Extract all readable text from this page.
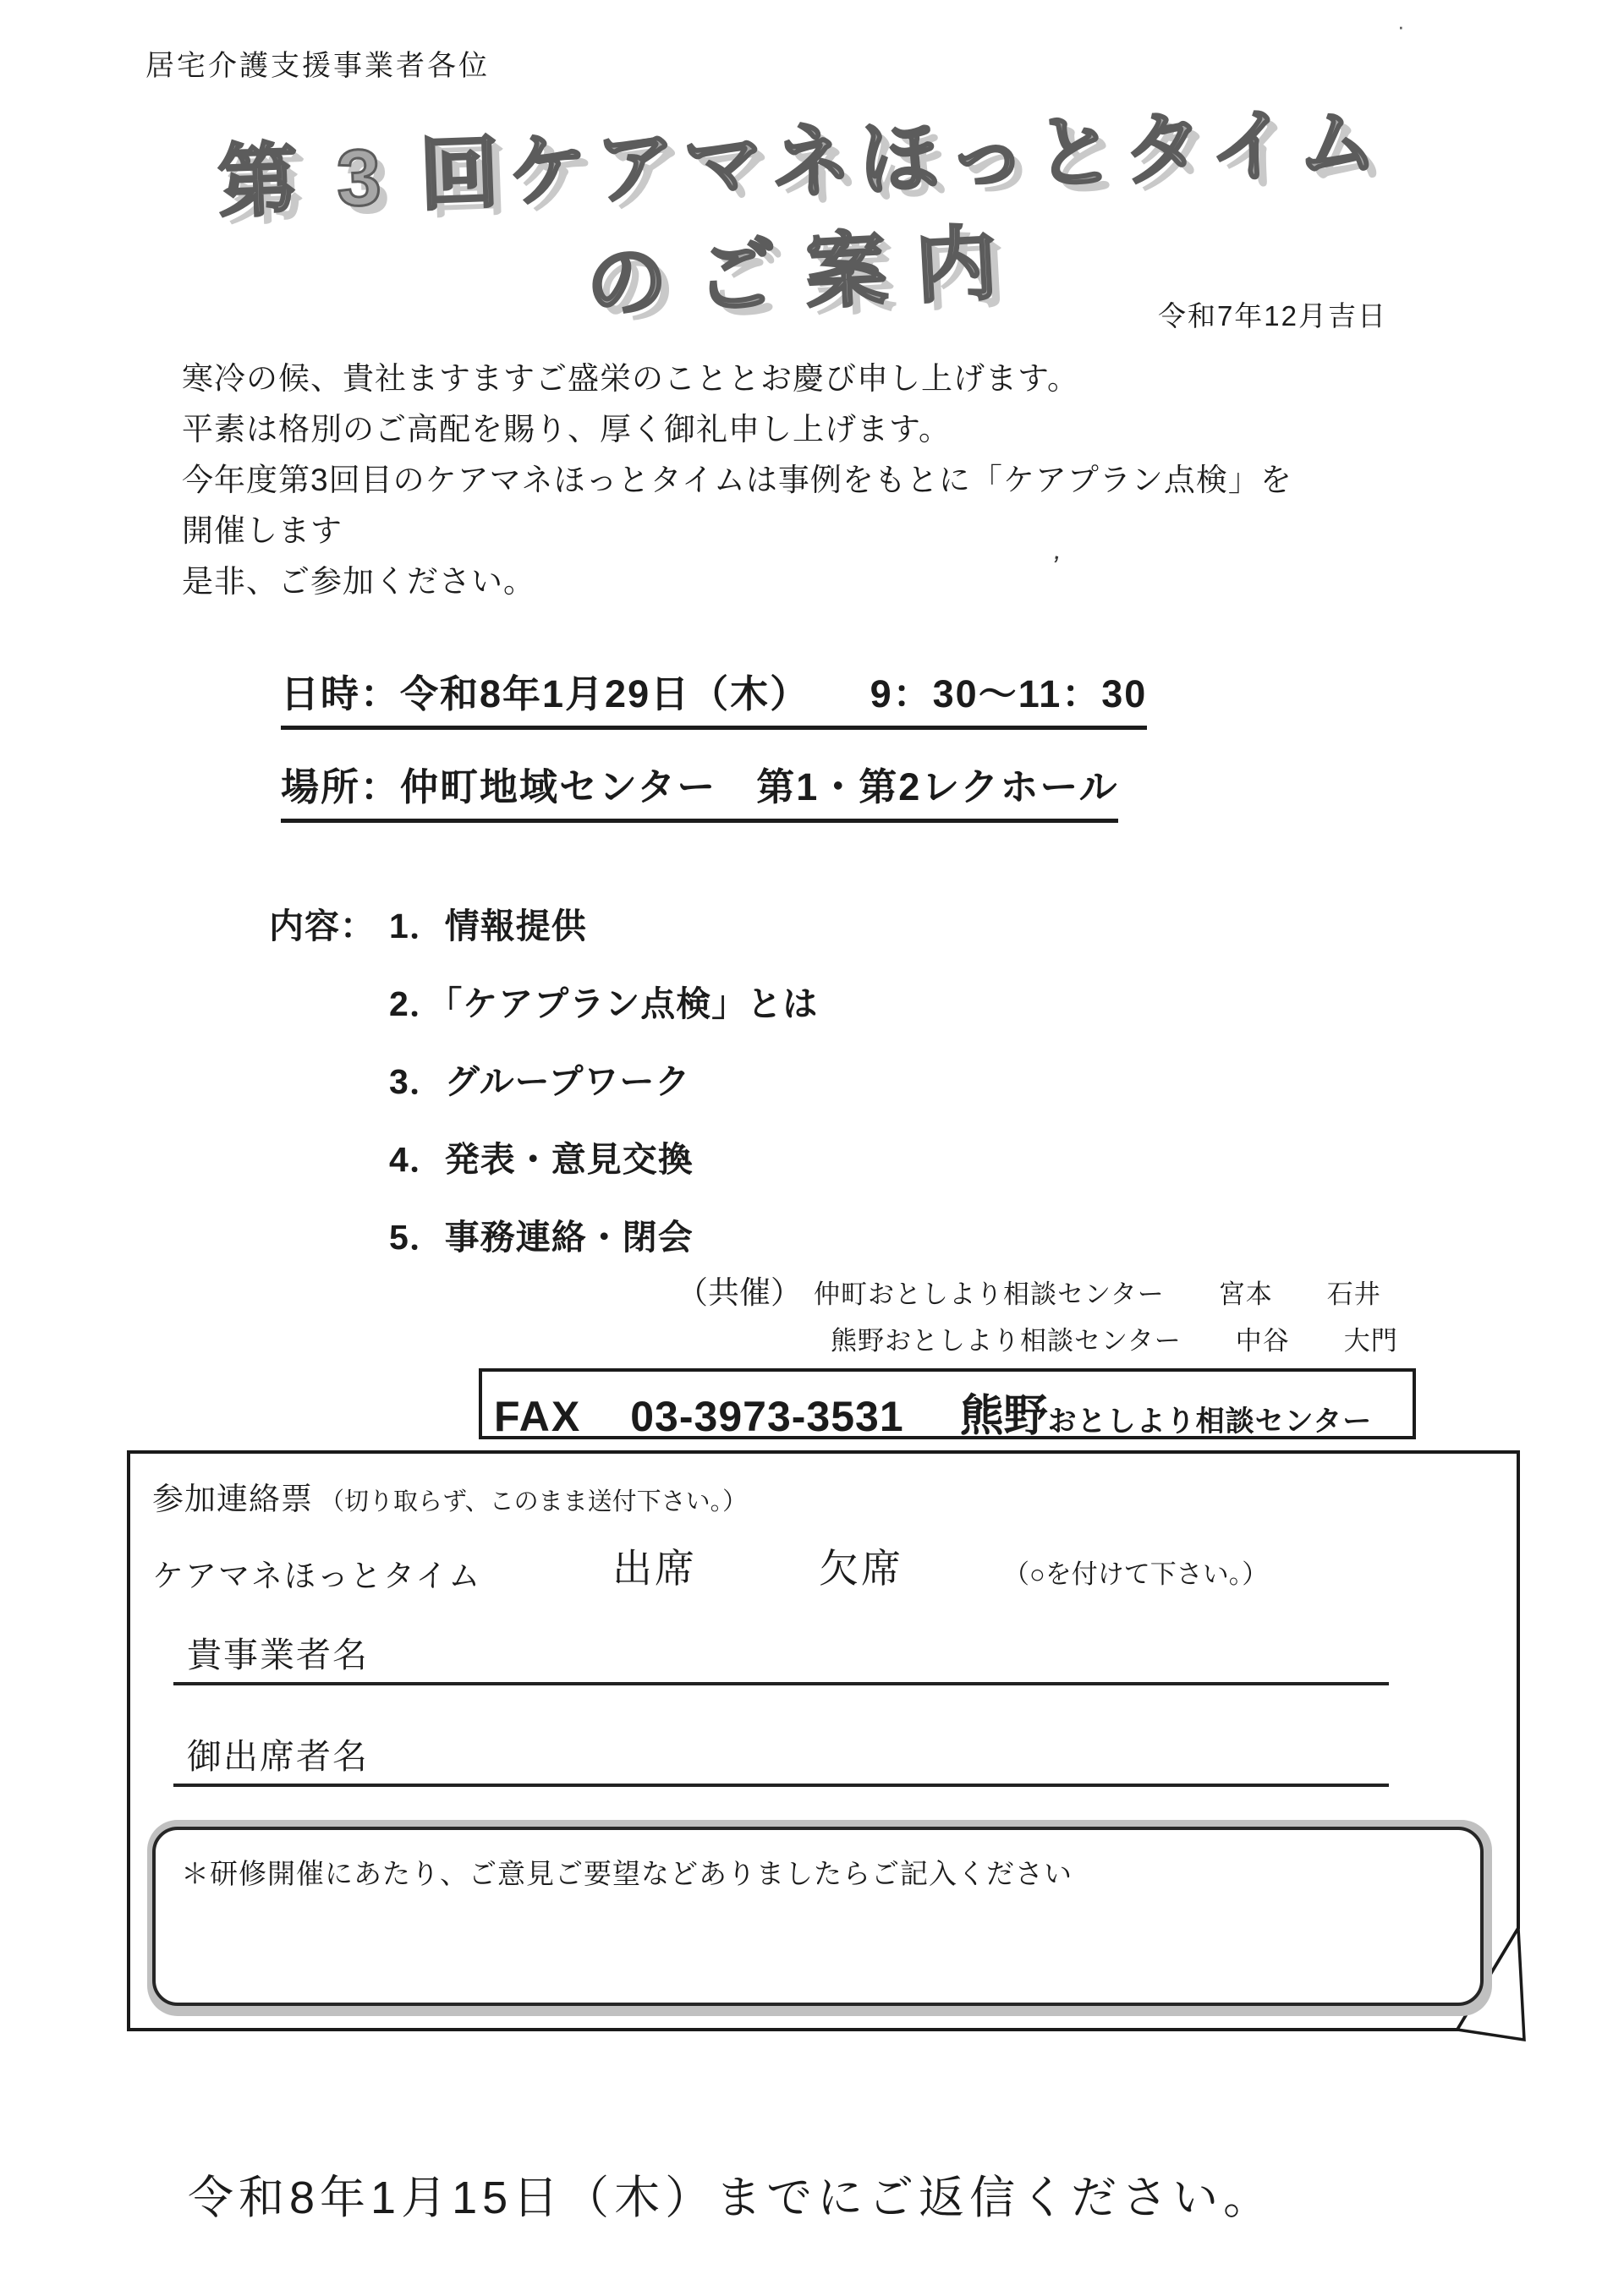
·
ʼ
居宅介護支援事業者各位
第 3 回ケアマネほっとタイム
のご案内	令和7年12月吉日
寒冷の候、貴社ますますご盛栄のこととお慶び申し上げます。
平素は格別のご高配を賜り、厚く御礼申し上げます。
今年度第3回目のケアマネほっとタイムは事例をもとに「ケアプラン点検」を
開催します
是非、ご参加ください。
日時：令和8年1月29日（木）　　9：30～11：30
場所：仲町地域センター　第1・第2レクホール
内容： 1．情報提供
2．「ケアプラン点検」とは
3．グループワーク
4．発表・意見交換
5．事務連絡・閉会
（共催） 仲町おとしより相談センター　　宮本　　石井
熊野おとしより相談センター　　中谷　　大門
FAX 03-3973-3531 熊野 おとしより相談センター
参加連絡票 （切り取らず、このまま送付下さい。）
ケアマネほっとタイム	出席	欠席	（○を付けて下さい。）
貴事業者名
御出席者名
＊研修開催にあたり、ご意見ご要望などありましたらご記入ください
令和8年1月15日（木）までにご返信ください。
